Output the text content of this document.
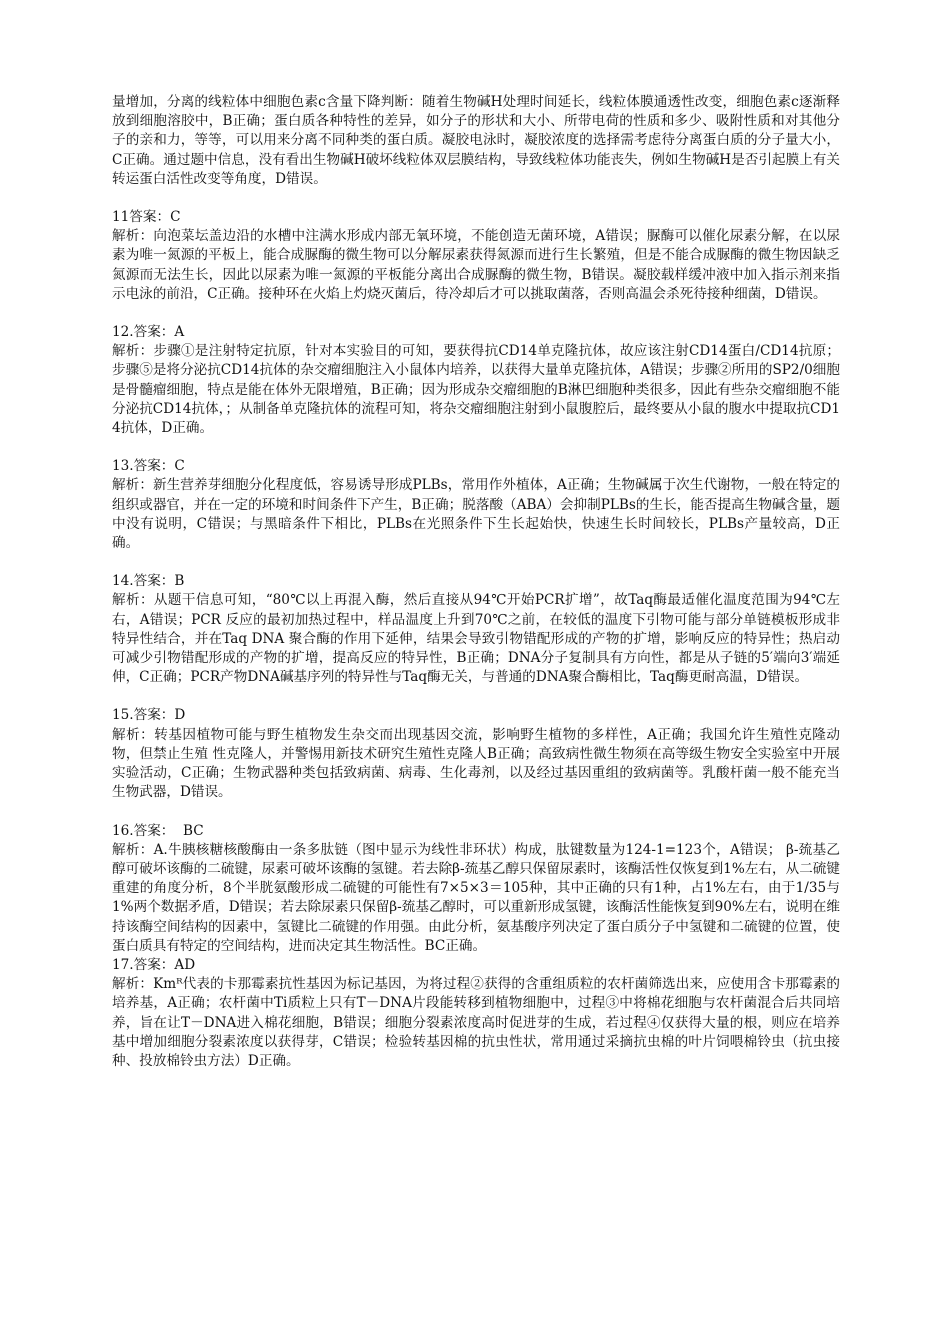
量增加，分离的线粒体中细胞色素c含量下降判断：随着生物碱H处理时间延长，线粒体膜通透性改变，细胞色素c逐渐释放到细胞溶胶中，B正确；蛋白质各种特性的差异，如分子的形状和大小、所带电荷的性质和多少、吸附性质和对其他分子的亲和力，等等，可以用来分离不同种类的蛋白质。凝胶电泳时，凝胶浓度的选择需考虑待分离蛋白质的分子量大小，C正确。通过题中信息，没有看出生物碱H破坏线粒体双层膜结构，导致线粒体功能丧失，例如生物碱H是否引起膜上有关转运蛋白活性改变等角度，D错误。

11答案：C

解析：向泡菜坛盖边沿的水槽中注满水形成内部无氧环境，不能创造无菌环境，A错误；脲酶可以催化尿素分解，在以尿素为唯一氮源的平板上，能合成脲酶的微生物可以分解尿素获得氮源而进行生长繁殖，但是不能合成脲酶的微生物因缺乏氮源而无法生长，因此以尿素为唯一氮源的平板能分离出合成脲酶的微生物，B错误。凝胶载样缓冲液中加入指示剂来指示电泳的前沿，C正确。接种环在火焰上灼烧灭菌后，待冷却后才可以挑取菌落，否则高温会杀死待接种细菌，D错误。

12.答案：A

解析：步骤①是注射特定抗原，针对本实验目的可知，要获得抗CD14单克隆抗体，故应该注射CD14蛋白/CD14抗原；步骤⑤是将分泌抗CD14抗体的杂交瘤细胞注入小鼠体内培养，以获得大量单克隆抗体，A错误；步骤②所用的SP2/0细胞是骨髓瘤细胞，特点是能在体外无限增殖，B正确；因为形成杂交瘤细胞的B淋巴细胞种类很多，因此有些杂交瘤细胞不能分泌抗CD14抗体，；从制备单克隆抗体的流程可知，将杂交瘤细胞注射到小鼠腹腔后，最终要从小鼠的腹水中提取抗CD14抗体，D正确。

13.答案：C

解析：新生营养芽细胞分化程度低，容易诱导形成PLBs，常用作外植体，A正确；生物碱属于次生代谢物，一般在特定的组织或器官，并在一定的环境和时间条件下产生，B正确；脱落酸（ABA）会抑制PLBs的生长，能否提高生物碱含量，题中没有说明，C错误；与黑暗条件下相比，PLBs在光照条件下生长起始快，快速生长时间较长，PLBs产量较高，D正确。

14.答案：B

解析：从题干信息可知，“80℃以上再混入酶，然后直接从94℃开始PCR扩增”，故Taq酶最适催化温度范围为94℃左右，A错误；PCR 反应的最初加热过程中，样品温度上升到70℃之前，在较低的温度下引物可能与部分单链模板形成非特异性结合，并在Taq DNA 聚合酶的作用下延伸，结果会导致引物错配形成的产物的扩增，影响反应的特异性；热启动可减少引物错配形成的产物的扩增，提高反应的特异性，B正确；DNA分子复制具有方向性，都是从子链的5′端向3′端延伸，C正确；PCR产物DNA碱基序列的特异性与Taq酶无关，与普通的DNA聚合酶相比，Taq酶更耐高温，D错误。

15.答案：D

解析：转基因植物可能与野生植物发生杂交而出现基因交流，影响野生植物的多样性，A正确；我国允许生殖性克隆动物，但禁止生殖 性克隆人，并警惕用新技术研究生殖性克隆人B正确；高致病性微生物须在高等级生物安全实验室中开展实验活动，C正确；生物武器种类包括致病菌、病毒、生化毒剂，以及经过基因重组的致病菌等。乳酸杆菌一般不能充当生物武器，D错误。

16.答案：  BC

解析：A.牛胰核糖核酸酶由一条多肽链（图中显示为线性非环状）构成，肽键数量为124-1=123个，A错误； β-巯基乙醇可破坏该酶的二硫键，尿素可破坏该酶的氢键。若去除β-巯基乙醇只保留尿素时，该酶活性仅恢复到1%左右，从二硫键重建的角度分析，8个半胱氨酸形成二硫键的可能性有7×5×3＝105种，其中正确的只有1种，占1%左右，由于1/35与1%两个数据矛盾，D错误；若去除尿素只保留β-巯基乙醇时，可以重新形成氢键，该酶活性能恢复到90%左右，说明在维持该酶空间结构的因素中，氢键比二硫键的作用强。由此分析，氨基酸序列决定了蛋白质分子中氢键和二硫键的位置，使蛋白质具有特定的空间结构，进而决定其生物活性。BC正确。

17.答案：AD

解析：Kmᴿ代表的卡那霉素抗性基因为标记基因，为将过程②获得的含重组质粒的农杆菌筛选出来，应使用含卡那霉素的培养基，A正确；农杆菌中Ti质粒上只有T－DNA片段能转移到植物细胞中，过程③中将棉花细胞与农杆菌混合后共同培养，旨在让T－DNA进入棉花细胞，B错误；细胞分裂素浓度高时促进芽的生成，若过程④仅获得大量的根，则应在培养基中增加细胞分裂素浓度以获得芽，C错误；检验转基因棉的抗虫性状，常用通过采摘抗虫棉的叶片饲喂棉铃虫（抗虫接种、投放棉铃虫方法）D正确。
